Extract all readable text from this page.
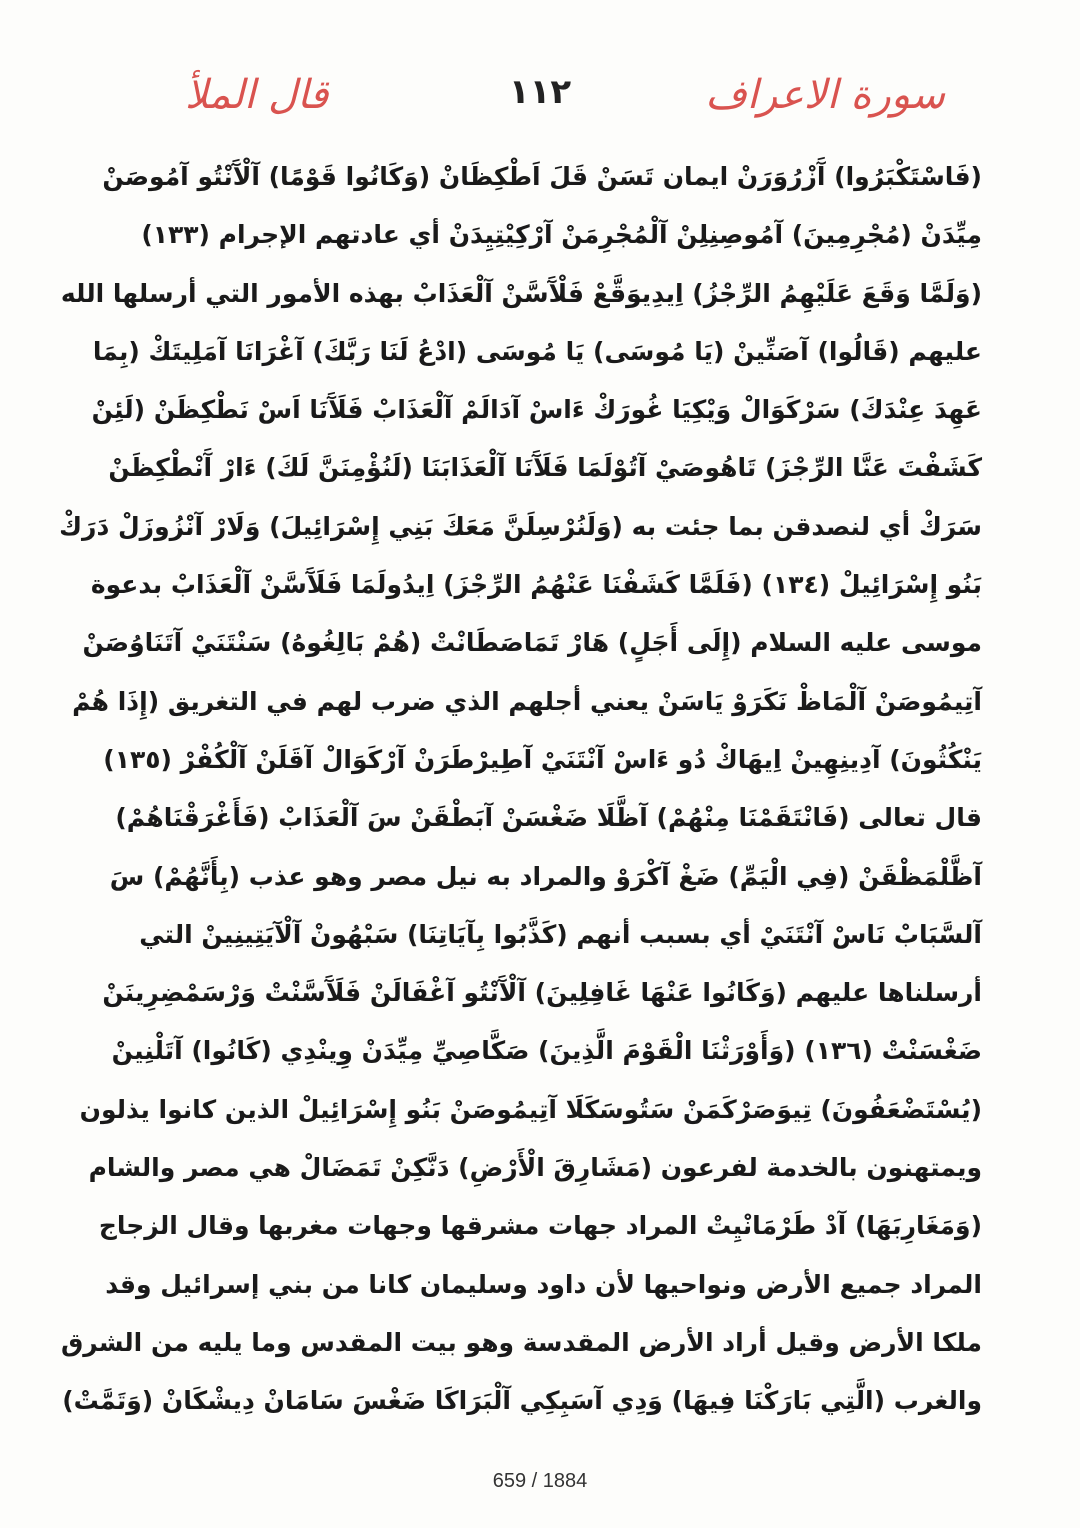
سورة الاعراف
١١٢
قال الملأ
(فَاسْتَكْبَرُوا) آَزْرُوَرَنْ ايمان تَسَنْ قَلَ اَطْكِظَانْ (وَكَانُوا قَوْمًا) آلْآَنْتُو آمُوصَنْ
مِيِّدَنْ (مُجْرِمِينَ) آمُوصِنِلِنْ آلْمُجْرِمَنْ آرْكِيْتِيِدَنْ أي عادتهم الإجرام (١٣٣)
(وَلَمَّا وَقَعَ عَلَيْهِمُ الرِّجْزُ) اِيدِيوَقَّعْ فَلْآَسَّنْ آلْعَذَابْ بهذه الأمور التي أرسلها الله
عليهم (قَالُوا) آصَنِّينْ (يَا مُوسَى) يَا مُوسَى (ادْعُ لَنَا رَبَّكَ) آغْرَانَا آمَلِيتَكْ (بِمَا
عَهِدَ عِنْدَكَ) سَرْكَوَالْ وَيْكِيَا غُورَكْ ءَاسْ آدَالَمْ آلْعَذَابْ فَلَآَنَا اَسْ نَطْكِظَنْ (لَئِنْ
كَشَفْتَ عَنَّا الرِّجْزَ) تَاهُوصَيْ آتُوْلَمَا فَلَآَنَا آلْعَذَابَنَا (لَنُؤْمِنَنَّ لَكَ) ءَارْ آَنْطْكِظَنْ
سَرَكْ أي لنصدقن بما جئت به (وَلَنُرْسِلَنَّ مَعَكَ بَنِي إِسْرَائِيلَ) وَلَارْ آنْزُوزَلْ دَرَكْ
بَنُو إِسْرَائِيلْ (١٣٤) (فَلَمَّا كَشَفْنَا عَنْهُمُ الرِّجْزَ) اِيدُولَمَا فَلَآَسَّنْ آلْعَذَابْ بدعوة
موسى عليه السلام (إِلَى أَجَلٍ) هَارْ تَمَاصَطَانْتْ (هُمْ بَالِغُوهُ) سَنْتَنَيْ آتَنَاوُصَنْ
آتِيمُوصَنْ آلْمَاظْ نَكَرَوْ يَاسَنْ يعني أجلهم الذي ضرب لهم في التغريق (إِذَا هُمْ
يَنْكُثُونَ) آدِينِهِينْ اِيهَاكْ دُو ءَاسْ آنْتَنَيْ آطِيرْطَرَنْ آرْكَوَالْ آقَلَنْ آلْكُفْرْ (١٣٥)
قال تعالى (فَانْتَقَمْنَا مِنْهُمْ) آظَّلَا ضَغْسَنْ آبَطْقَنْ سَ آلْعَذَابْ (فَأَغْرَقْنَاهُمْ)
آظَّلْمَظْقَنْ (فِي الْيَمِّ) ضَغْ آكْرَوْ والمراد به نيل مصر وهو عذب (بِأَنَّهُمْ) سَ
آلسَّبَابْ نَاسْ آنْتَنَيْ أي بسبب أنهم (كَذَّبُوا بِآيَاتِنَا) سَبْهُونْ آلْآيَتِينِينْ التي
أرسلناها عليهم (وَكَانُوا عَنْهَا غَافِلِينَ) آلْآَنْتُو آغْفَالَنْ فَلَآَسَّنْتْ وَرْسَمْضِرِينَنْ
ضَغْسَنْتْ (١٣٦) (وَأَوْرَثْنَا الْقَوْمَ الَّذِينَ) صَكَّاصِيِّ مِيِّدَنْ وِينْدِي (كَانُوا) آتَلْنِينْ
(يُسْتَضْعَفُونَ) تِيوَصَرْكَمَنْ سَتُوسَكَلَا آتِيمُوصَنْ بَنُو إِسْرَائِيلْ الذين كانوا يذلون
ويمتهنون بالخدمة لفرعون (مَشَارِقَ الْأَرْضِ) دَنَّكِنْ تَمَضَالْ هي مصر والشام
(وَمَغَارِبَهَا) آدْ طَرْمَانْيِتْ المراد جهات مشرقها وجهات مغربها وقال الزجاج
المراد جميع الأرض ونواحيها لأن داود وسليمان كانا من بني إسرائيل وقد
ملكا الأرض وقيل أراد الأرض المقدسة وهو بيت المقدس وما يليه من الشرق
والغرب (الَّتِي بَارَكْنَا فِيهَا) وَدِي آسَبِكِي آلْبَرَاكَا ضَغْسَ سَامَانْ دِيشْكَانْ (وَتَمَّتْ)
659 / 1884
